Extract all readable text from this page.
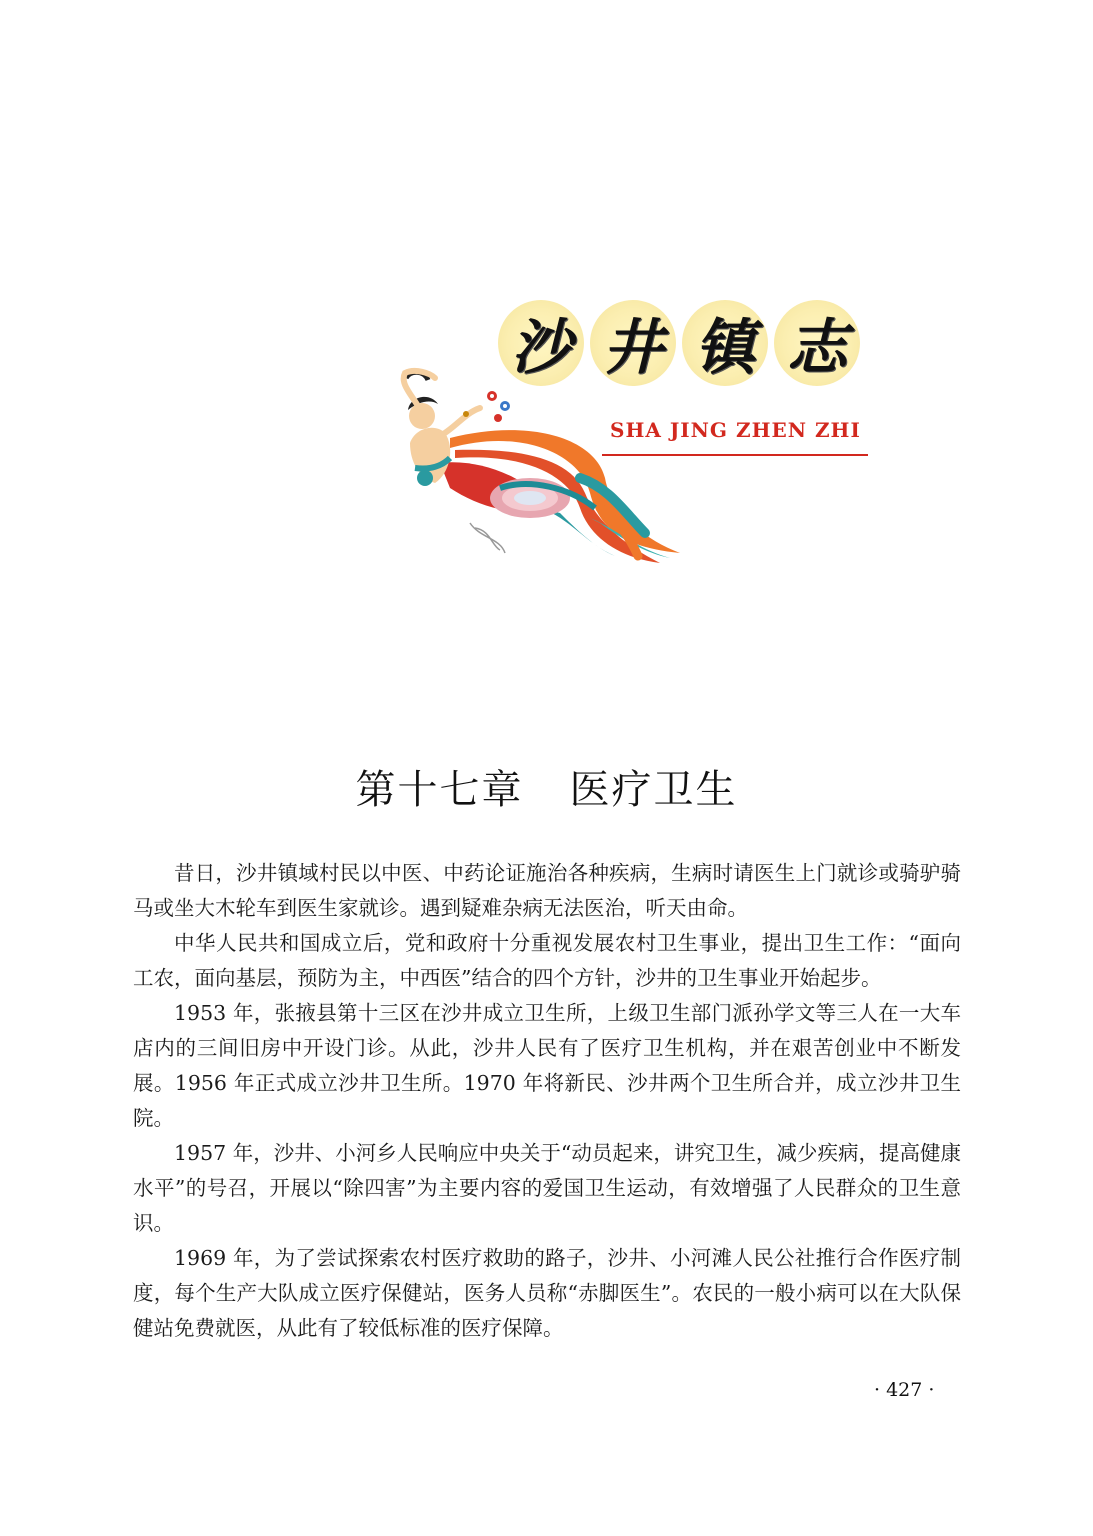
沙 井 镇 志
SHA JING ZHEN ZHI
第十七章 医疗卫生

昔日，沙井镇域村民以中医、中药论证施治各种疾病，生病时请医生上门就诊或骑驴骑马或坐大木轮车到医生家就诊。遇到疑难杂病无法医治，听天由命。

中华人民共和国成立后，党和政府十分重视发展农村卫生事业，提出卫生工作：“面向工农，面向基层，预防为主，中西医”结合的四个方针，沙井的卫生事业开始起步。

1953 年，张掖县第十三区在沙井成立卫生所，上级卫生部门派孙学文等三人在一大车店内的三间旧房中开设门诊。从此，沙井人民有了医疗卫生机构，并在艰苦创业中不断发展。1956 年正式成立沙井卫生所。1970 年将新民、沙井两个卫生所合并，成立沙井卫生院。

1957 年，沙井、小河乡人民响应中央关于“动员起来，讲究卫生，减少疾病，提高健康水平”的号召，开展以“除四害”为主要内容的爱国卫生运动，有效增强了人民群众的卫生意识。

1969 年，为了尝试探索农村医疗救助的路子，沙井、小河滩人民公社推行合作医疗制度，每个生产大队成立医疗保健站，医务人员称“赤脚医生”。农民的一般小病可以在大队保健站免费就医，从此有了较低标准的医疗保障。

· 427 ·
